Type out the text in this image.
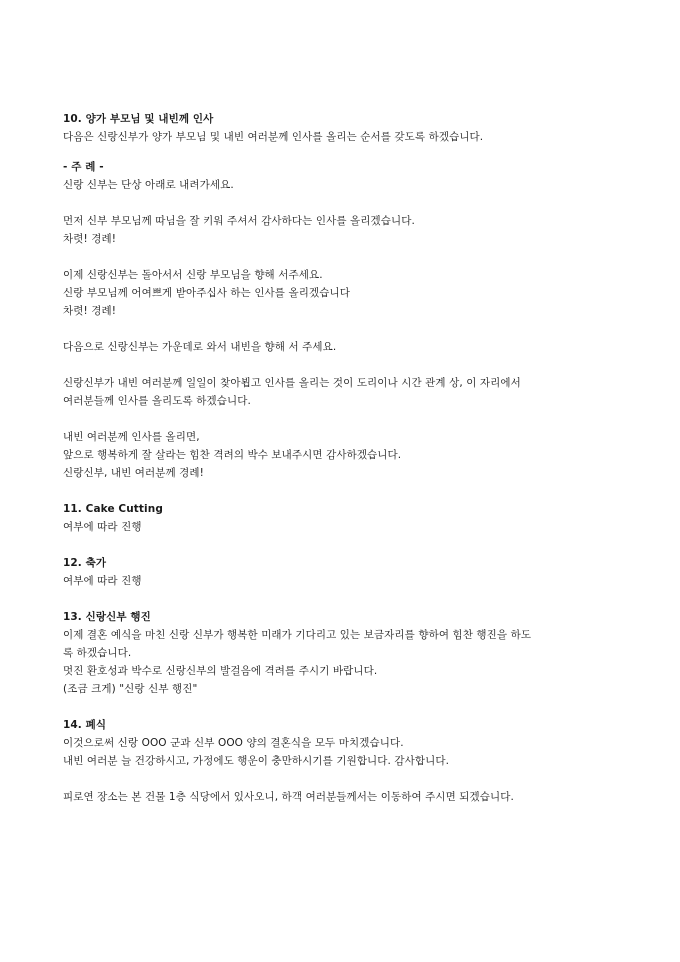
10. 양가 부모님 및 내빈께 인사
다음은 신랑신부가 양가 부모님 및 내빈 여러분께 인사를 올리는 순서를 갖도록 하겠습니다.
- 주 례 -
신랑 신부는 단상 아래로 내려가세요.
먼저 신부 부모님께 따님을 잘 키워 주셔서 감사하다는 인사를 올리겠습니다.
차렷! 경례!
이제 신랑신부는 돌아서서 신랑 부모님을 향해 서주세요.
신랑 부모님께 어여쁘게 받아주십사 하는 인사를 올리겠습니다
차렷! 경례!
다음으로 신랑신부는 가운데로 와서 내빈을 향해 서 주세요.
신랑신부가 내빈 여러분께 일일이 찾아뵙고 인사를 올리는 것이 도리이나 시간 관계 상, 이 자리에서
여러분들께 인사를 올리도록 하겠습니다.
내빈 여러분께 인사를 올리면,
앞으로 행복하게 잘 살라는 힘찬 격려의 박수 보내주시면 감사하겠습니다.
신랑신부, 내빈 여러분께 경례!
11. Cake Cutting
여부에 따라 진행
12. 축가
여부에 따라 진행
13. 신랑신부 행진
이제 결혼 예식을 마친 신랑 신부가 행복한 미래가 기다리고 있는 보금자리를 향하여 힘찬 행진을 하도
록 하겠습니다.
멋진 환호성과 박수로 신랑신부의 발걸음에 격려를 주시기 바랍니다.
(조금 크게) "신랑 신부 행진"
14. 폐식
이것으로써 신랑 OOO 군과 신부 OOO 양의 결혼식을 모두 마치겠습니다.
내빈 여러분 늘 건강하시고, 가정에도 행운이 충만하시기를 기원합니다. 감사합니다.
피로연 장소는 본 건물 1층 식당에서 있사오니, 하객 여러분들께서는 이동하여 주시면 되겠습니다.
